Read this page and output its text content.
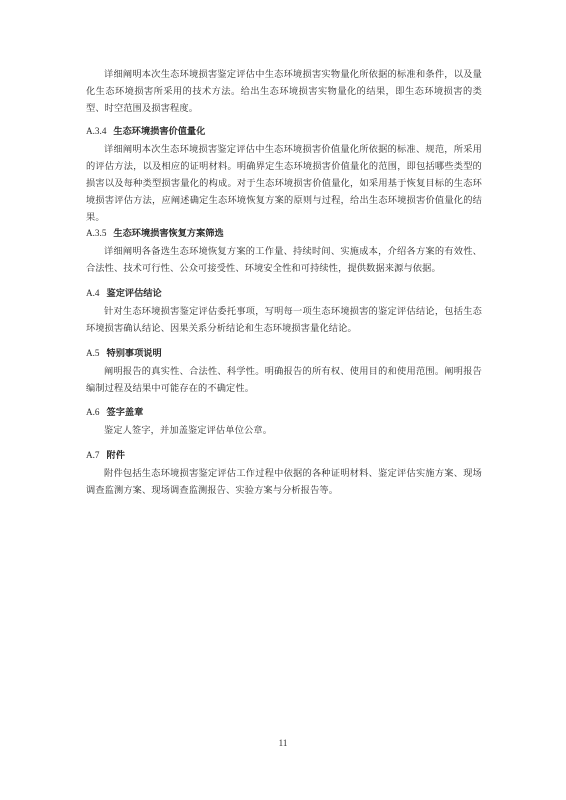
详细阐明本次生态环境损害鉴定评估中生态环境损害实物量化所依据的标准和条件，以及量化生态环境损害所采用的技术方法。给出生态环境损害实物量化的结果，即生态环境损害的类型、时空范围及损害程度。

A.3.4 生态环境损害价值量化

详细阐明本次生态环境损害鉴定评估中生态环境损害价值量化所依据的标准、规范，所采用的评估方法，以及相应的证明材料。明确界定生态环境损害价值量化的范围，即包括哪些类型的损害以及每种类型损害量化的构成。对于生态环境损害价值量化，如采用基于恢复目标的生态环境损害评估方法，应阐述确定生态环境恢复方案的原则与过程，给出生态环境损害价值量化的结果。

A.3.5 生态环境损害恢复方案筛选

详细阐明各备选生态环境恢复方案的工作量、持续时间、实施成本，介绍各方案的有效性、合法性、技术可行性、公众可接受性、环境安全性和可持续性，提供数据来源与依据。

A.4 鉴定评估结论

针对生态环境损害鉴定评估委托事项，写明每一项生态环境损害的鉴定评估结论，包括生态环境损害确认结论、因果关系分析结论和生态环境损害量化结论。

A.5 特别事项说明

阐明报告的真实性、合法性、科学性。明确报告的所有权、使用目的和使用范围。阐明报告编制过程及结果中可能存在的不确定性。

A.6 签字盖章

鉴定人签字，并加盖鉴定评估单位公章。

A.7 附件

附件包括生态环境损害鉴定评估工作过程中依据的各种证明材料、鉴定评估实施方案、现场调查监测方案、现场调查监测报告、实验方案与分析报告等。

11
